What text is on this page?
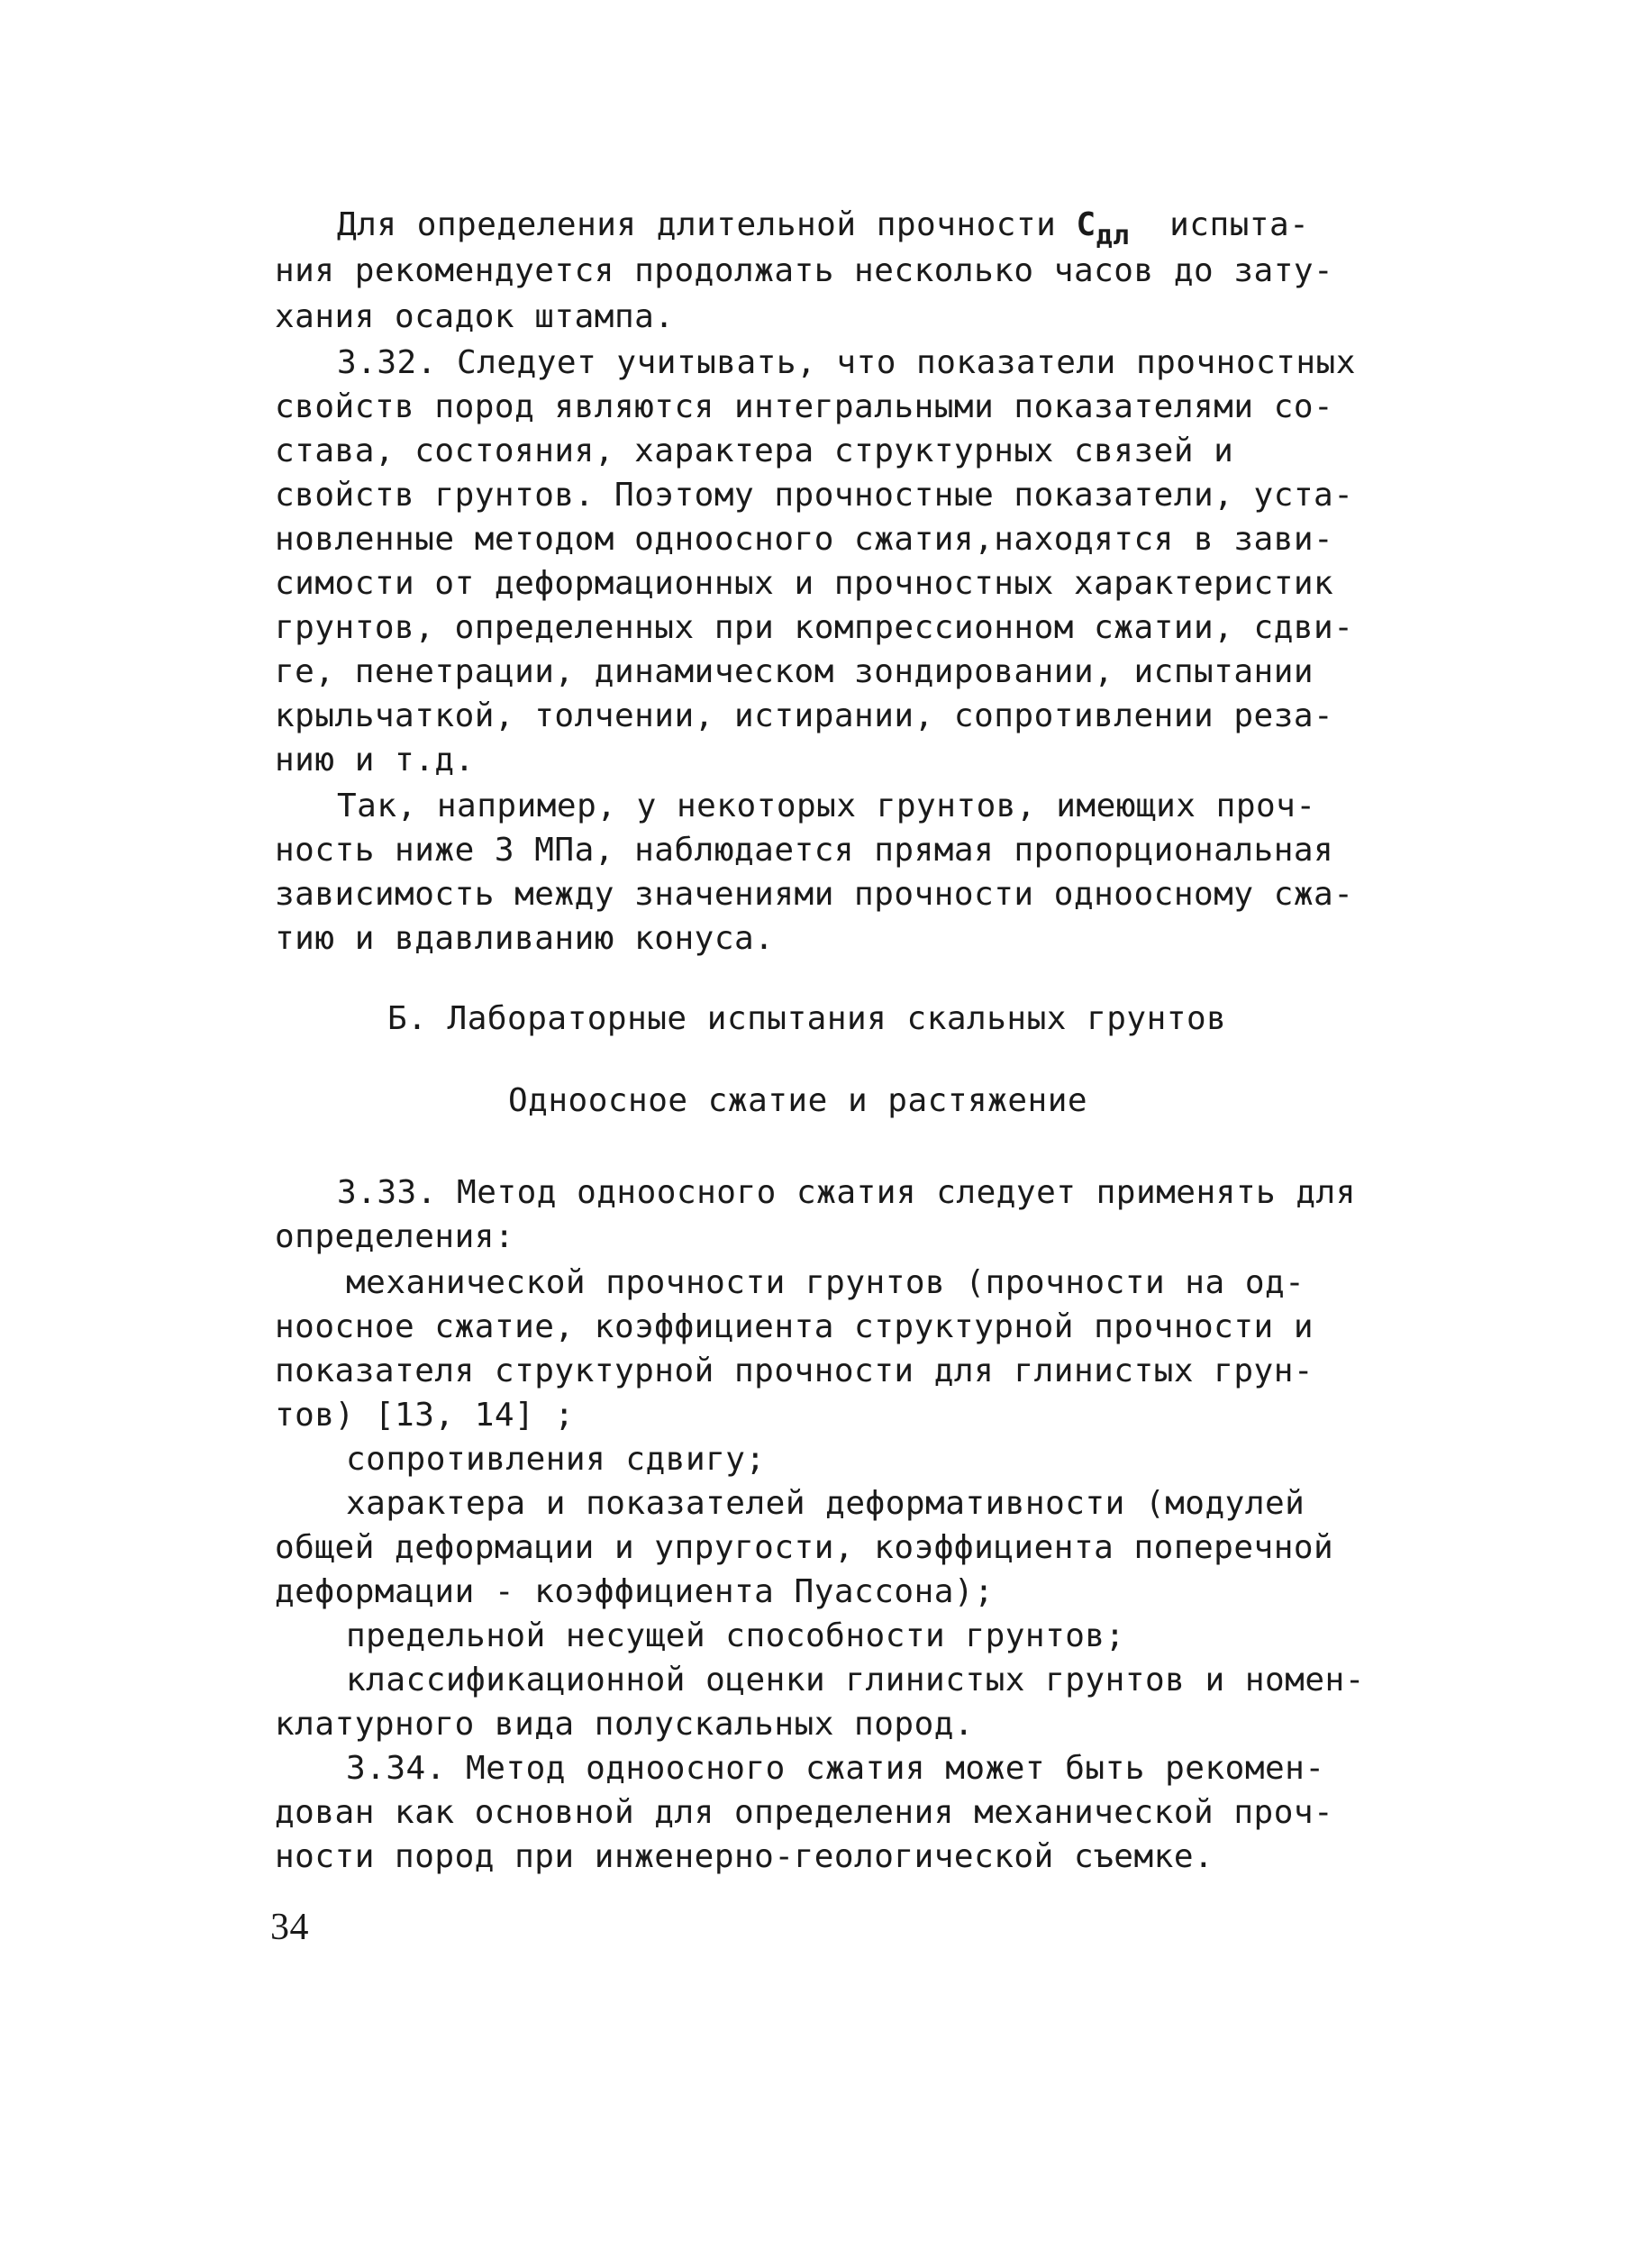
Для определения длительной прочности $С_{дл}$  испыта-
ния рекомендуется продолжать несколько часов до зату-
хания осадок штампа.
3.32. Следует учитывать, что показатели прочностных
свойств пород являются интегральными показателями со-
става, состояния, характера структурных связей и
свойств грунтов. Поэтому прочностные показатели, уста-
новленные методом одноосного сжатия,находятся в зави-
симости от деформационных и прочностных характеристик
грунтов, определенных при компрессионном сжатии, сдви-
ге, пенетрации, динамическом зондировании, испытании
крыльчаткой, толчении, истирании, сопротивлении реза-
нию и т.д.
Так, например, у некоторых грунтов, имеющих проч-
ность ниже 3 МПа, наблюдается прямая пропорциональная
зависимость между значениями прочности одноосному сжа-
тию и вдавливанию конуса.
Б. Лабораторные испытания скальных грунтов
Одноосное сжатие и растяжение
3.33. Метод одноосного сжатия следует применять для
определения:
механической прочности грунтов (прочности на од-
ноосное сжатие, коэффициента структурной прочности и
показателя структурной прочности для глинистых грун-
тов) [13, 14] ;
сопротивления сдвигу;
характера и показателей деформативности (модулей
общей деформации и упругости, коэффициента поперечной
деформации - коэффициента Пуассона);
предельной несущей способности грунтов;
классификационной оценки глинистых грунтов и номен-
клатурного вида полускальных пород.
3.34. Метод одноосного сжатия может быть рекомен-
дован как основной для определения механической проч-
ности пород при инженерно-геологической съемке.
34
